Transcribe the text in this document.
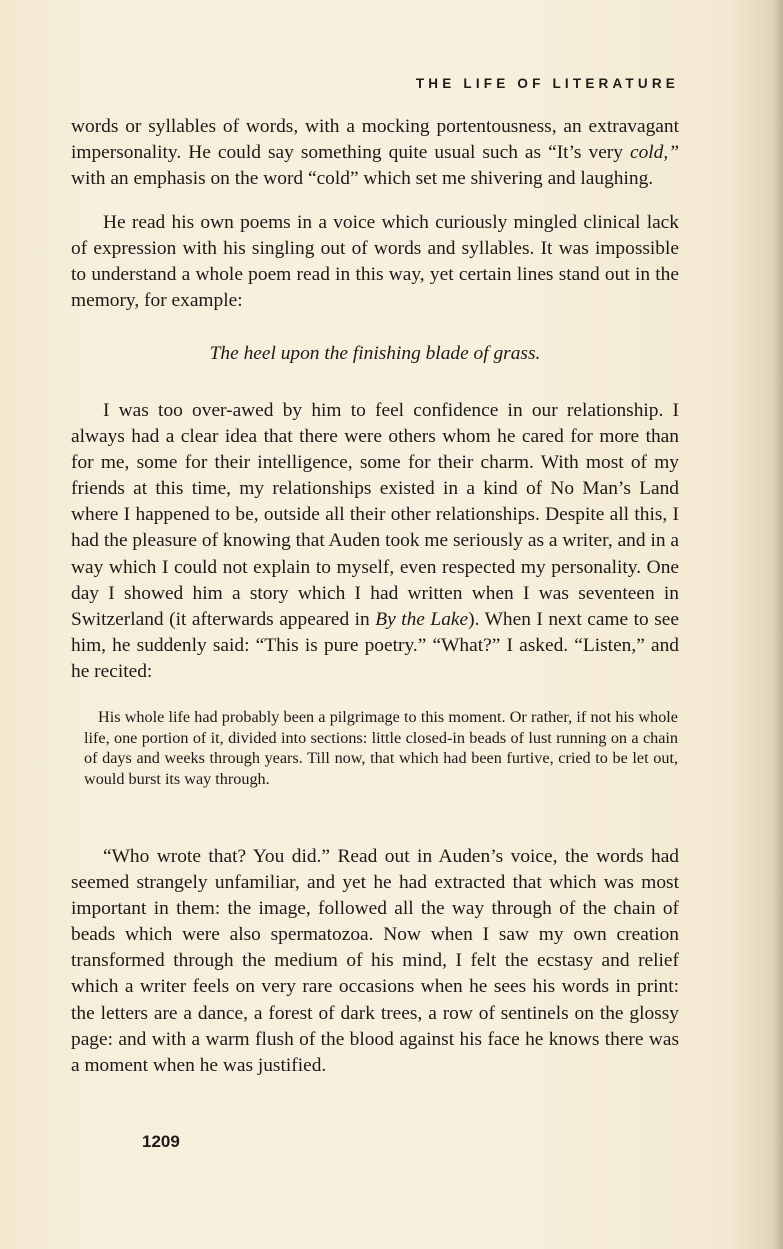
THE LIFE OF LITERATURE

words or syllables of words, with a mocking portentousness, an extravagant impersonality. He could say something quite usual such as “It’s very cold,” with an emphasis on the word “cold” which set me shivering and laughing.

He read his own poems in a voice which curiously mingled clinical lack of expression with his singling out of words and syllables. It was impossible to understand a whole poem read in this way, yet certain lines stand out in the memory, for example:

The heel upon the finishing blade of grass.

I was too over-awed by him to feel confidence in our relationship. I always had a clear idea that there were others whom he cared for more than for me, some for their intelligence, some for their charm. With most of my friends at this time, my relationships existed in a kind of No Man’s Land where I happened to be, outside all their other relationships. Despite all this, I had the pleasure of knowing that Auden took me seriously as a writer, and in a way which I could not explain to myself, even respected my personality. One day I showed him a story which I had written when I was seventeen in Switzerland (it afterwards appeared in By the Lake). When I next came to see him, he suddenly said: “This is pure poetry.” “What?” I asked. “Listen,” and he recited:

His whole life had probably been a pilgrimage to this moment. Or rather, if not his whole life, one portion of it, divided into sections: little closed-in beads of lust running on a chain of days and weeks through years. Till now, that which had been furtive, cried to be let out, would burst its way through.

“Who wrote that? You did.” Read out in Auden’s voice, the words had seemed strangely unfamiliar, and yet he had extracted that which was most important in them: the image, followed all the way through of the chain of beads which were also spermatozoa. Now when I saw my own creation transformed through the medium of his mind, I felt the ecstasy and relief which a writer feels on very rare occasions when he sees his words in print: the letters are a dance, a forest of dark trees, a row of sentinels on the glossy page: and with a warm flush of the blood against his face he knows there was a moment when he was justified.

1209
